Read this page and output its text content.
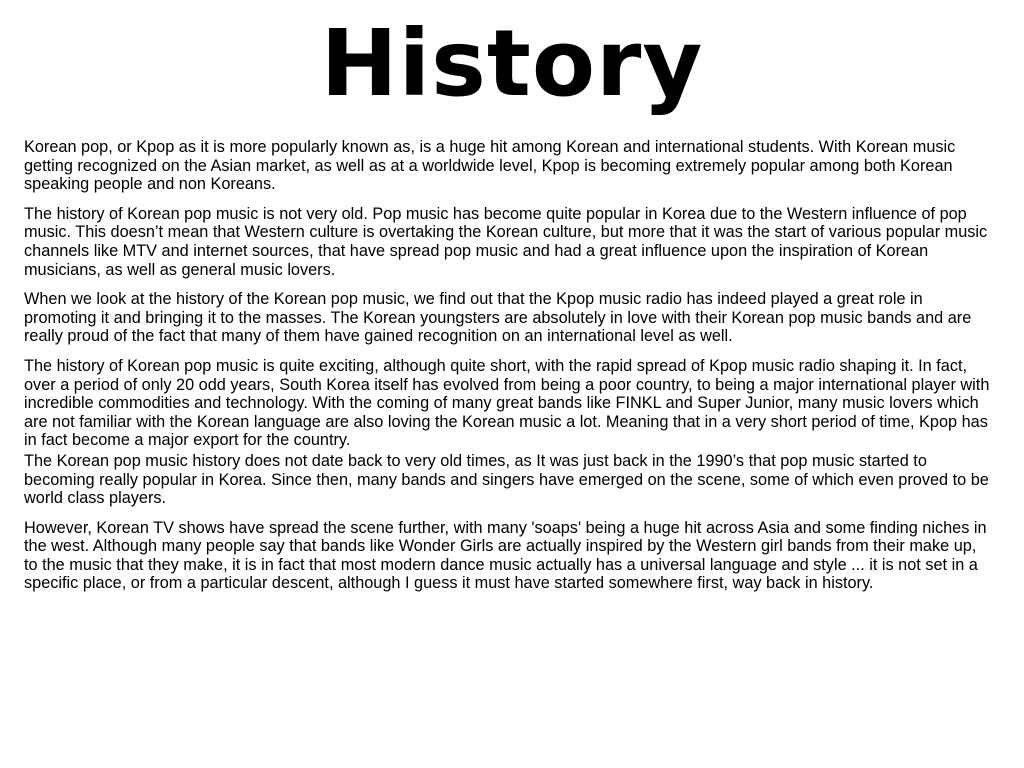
History

Korean pop, or Kpop as it is more popularly known as, is a huge hit among Korean and international students. With Korean music getting recognized on the Asian market, as well as at a worldwide level, Kpop is becoming extremely popular among both Korean speaking people and non Koreans.

The history of Korean pop music is not very old. Pop music has become quite popular in Korea due to the Western influence of pop music. This doesn’t mean that Western culture is overtaking the Korean culture, but more that it was the start of various popular music channels like MTV and internet sources, that have spread pop music and had a great influence upon the inspiration of Korean musicians, as well as general music lovers.

When we look at the history of the Korean pop music, we find out that the Kpop music radio has indeed played a great role in promoting it and bringing it to the masses. The Korean youngsters are absolutely in love with their Korean pop music bands and are really proud of the fact that many of them have gained recognition on an international level as well.

The history of Korean pop music is quite exciting, although quite short, with the rapid spread of Kpop music radio shaping it. In fact, over a period of only 20 odd years, South Korea itself has evolved from being a poor country, to being a major international player with incredible commodities and technology. With the coming of many great bands like FINKL and Super Junior, many music lovers which are not familiar with the Korean language are also loving the Korean music a lot. Meaning that in a very short period of time, Kpop has in fact become a major export for the country.

The Korean pop music history does not date back to very old times, as It was just back in the 1990’s that pop music started to becoming really popular in Korea. Since then, many bands and singers have emerged on the scene, some of which even proved to be world class players.

However, Korean TV shows have spread the scene further, with many 'soaps' being a huge hit across Asia and some finding niches in the west. Although many people say that bands like Wonder Girls are actually inspired by the Western girl bands from their make up, to the music that they make, it is in fact that most modern dance music actually has a universal language and style ... it is not set in a specific place, or from a particular descent, although I guess it must have started somewhere first, way back in history.
